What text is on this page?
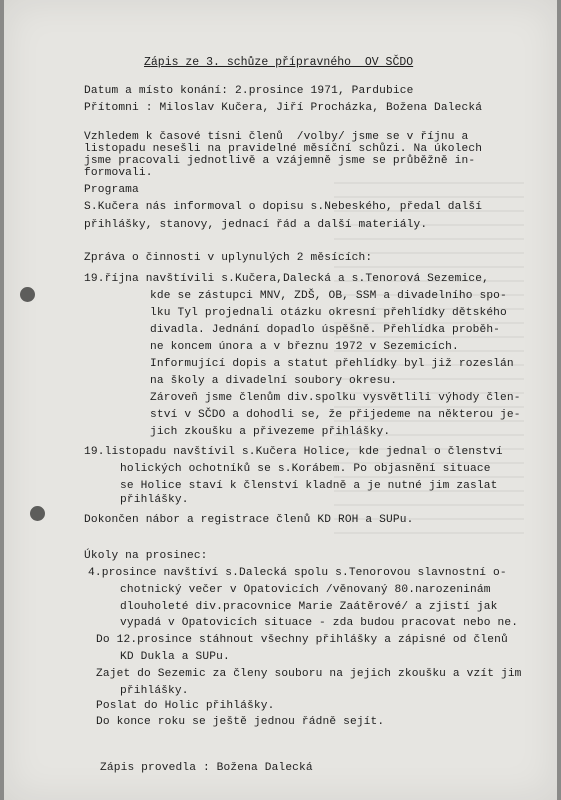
Zápis ze 3. schůze přípravného  OV SČDO
Datum a místo konání: 2.prosince 1971, Pardubice
Přítomni : Miloslav Kučera, Jiří Procházka, Božena Dalecká
Vzhledem k časové tísni členů  /volby/ jsme se v říjnu a
listopadu nesešli na pravidelné měsíční schůzi. Na úkolech
jsme pracovali jednotlivě a vzájemně jsme se průběžně in-
formovali.
Programa
S.Kučera nás informoval o dopisu s.Nebeského, předal další
přihlášky, stanovy, jednací řád a další materiály.
Zpráva o činnosti v uplynulých 2 měsících:
19.října navštívili s.Kučera,Dalecká a s.Tenorová Sezemice,
kde se zástupci MNV, ZDŠ, OB, SSM a divadelního spo-
lku Tyl projednali otázku okresní přehlídky dětského
divadla. Jednání dopadlo úspěšně. Přehlídka proběh-
ne koncem února a v březnu 1972 v Sezemicích.
Informující dopis a statut přehlídky byl již rozeslán
na školy a divadelní soubory okresu.
Zároveň jsme členům div.spolku vysvětlili výhody člen-
ství v SČDO a dohodli se, že přijedeme na některou je-
jich zkoušku a přivezeme přihlášky.
19.listopadu navštívil s.Kučera Holice, kde jednal o členství
holických ochotníků se s.Korábem. Po objasnění situace
se Holice staví k členství kladně a je nutné jim zaslat
přihlášky.
Dokončen nábor a registrace členů KD ROH a SUPu.
Úkoly na prosinec:
4.prosince navštíví s.Dalecká spolu s.Tenorovou slavnostní o-
chotnický večer v Opatovicích /věnovaný 80.narozeninám
dlouholeté div.pracovnice Marie Zaátěrové/ a zjistí jak
vypadá v Opatovicích situace - zda budou pracovat nebo ne.
Do 12.prosince stáhnout všechny přihlášky a zápisné od členů
KD Dukla a SUPu.
Zajet do Sezemic za členy souboru na jejich zkoušku a vzít jim
přihlášky.
Poslat do Holic přihlášky.
Do konce roku se ještě jednou řádně sejít.
Zápis provedla : Božena Dalecká
